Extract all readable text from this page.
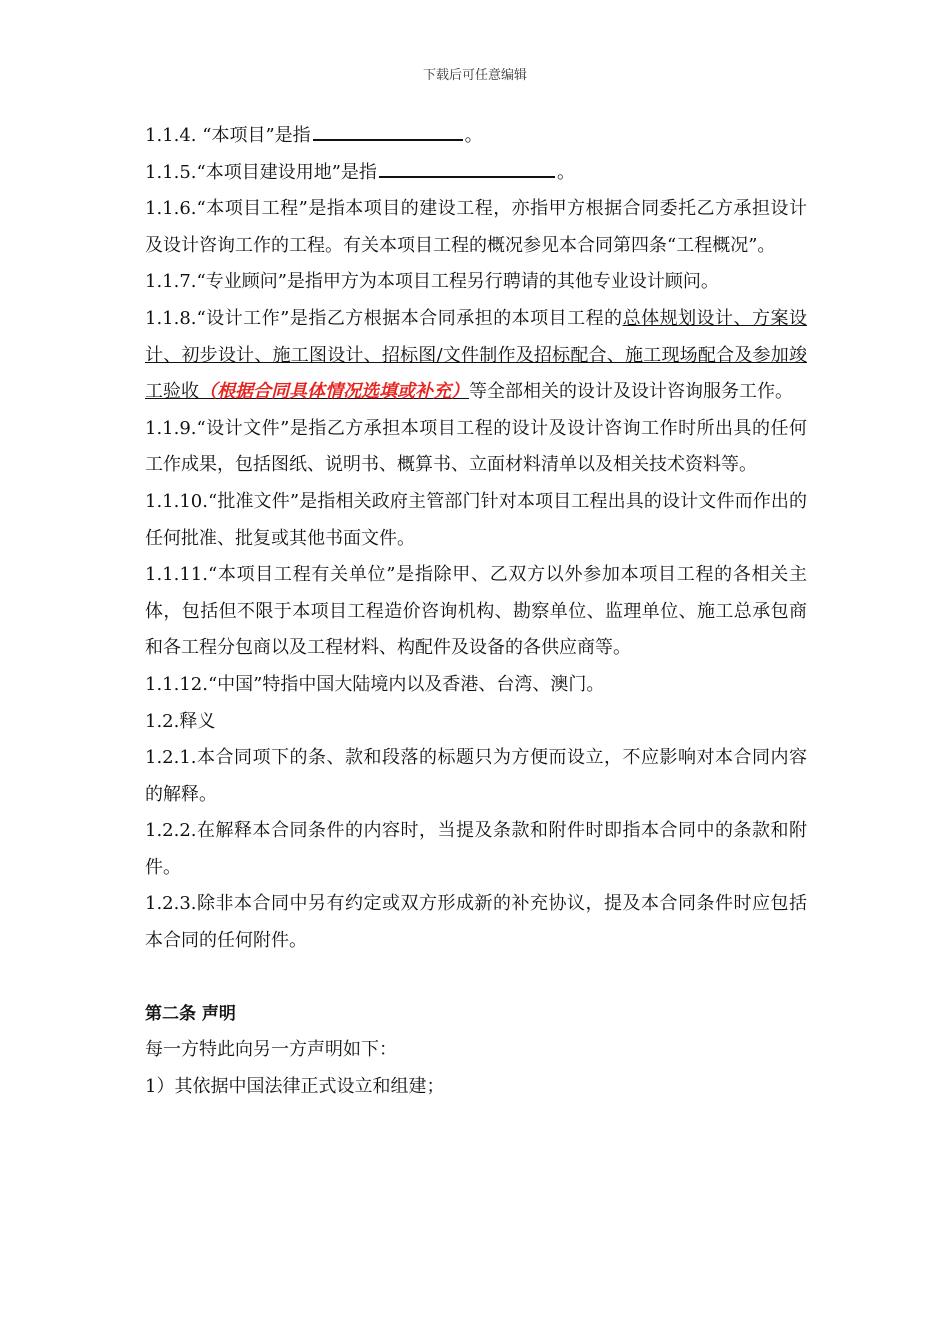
下载后可任意编辑

1.1.4. “本项目”是指	。

1.1.5.“本项目建设用地”是指	。

1.1.6.“本项目工程”是指本项目的建设工程，亦指甲方根据合同委托乙方承担设计及设计咨询工作的工程。有关本项目工程的概况参见本合同第四条“工程概况”。

1.1.7.“专业顾问”是指甲方为本项目工程另行聘请的其他专业设计顾问。

1.1.8.“设计工作”是指乙方根据本合同承担的本项目工程的总体规划设计、方案设计、初步设计、施工图设计、招标图/文件制作及招标配合、施工现场配合及参加竣工验收（根据合同具体情况选填或补充）等全部相关的设计及设计咨询服务工作。

1.1.9.“设计文件”是指乙方承担本项目工程的设计及设计咨询工作时所出具的任何工作成果，包括图纸、说明书、概算书、立面材料清单以及相关技术资料等。

1.1.10.“批准文件”是指相关政府主管部门针对本项目工程出具的设计文件而作出的任何批准、批复或其他书面文件。

1.1.11.“本项目工程有关单位”是指除甲、乙双方以外参加本项目工程的各相关主体，包括但不限于本项目工程造价咨询机构、勘察单位、监理单位、施工总承包商和各工程分包商以及工程材料、构配件及设备的各供应商等。

1.1.12.“中国”特指中国大陆境内以及香港、台湾、澳门。

1.2.释义

1.2.1.本合同项下的条、款和段落的标题只为方便而设立，不应影响对本合同内容的解释。

1.2.2.在解释本合同条件的内容时，当提及条款和附件时即指本合同中的条款和附件。

1.2.3.除非本合同中另有约定或双方形成新的补充协议，提及本合同条件时应包括本合同的任何附件。

第二条 声明

每一方特此向另一方声明如下：

1）其依据中国法律正式设立和组建；
